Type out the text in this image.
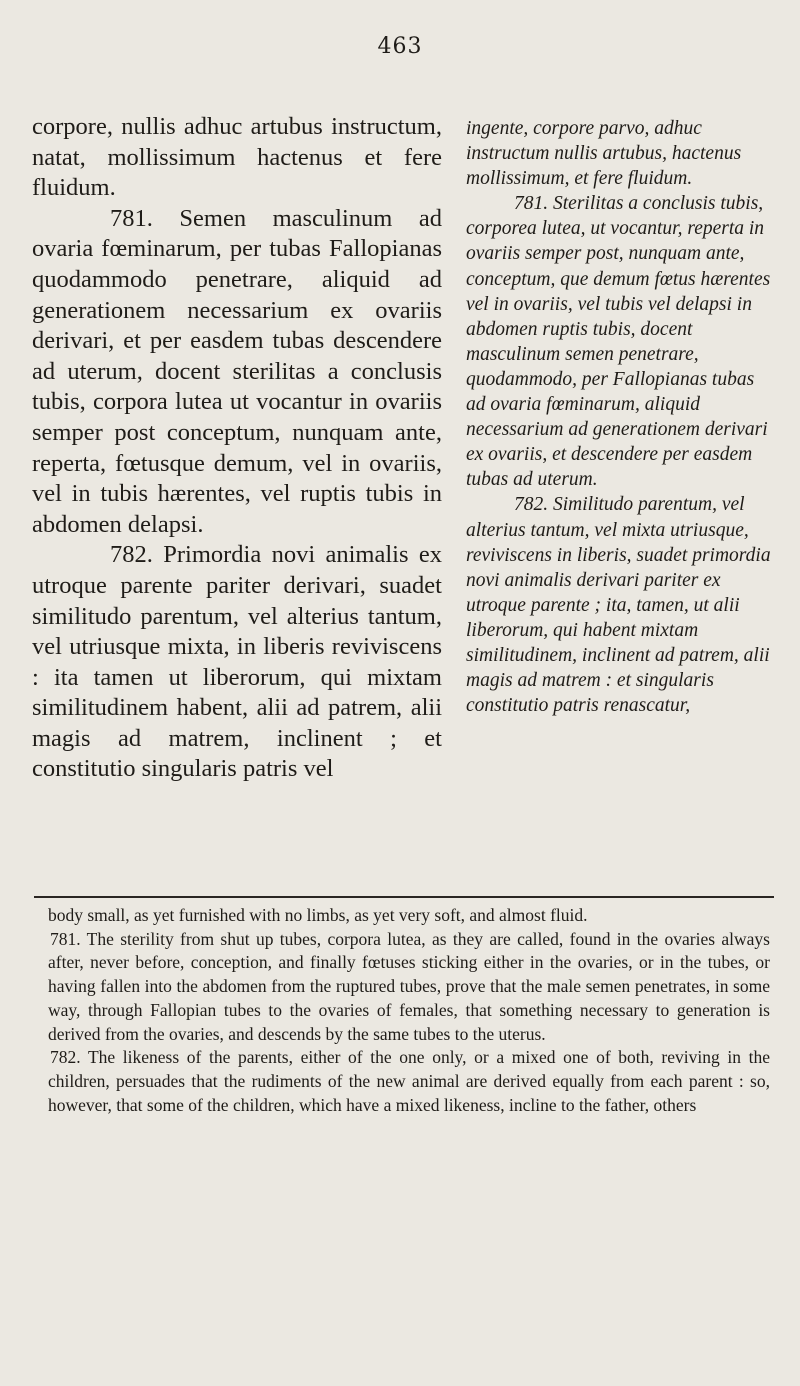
463

corpore, nullis adhuc artubus instructum, natat, mollissimum hactenus et fere fluidum.

781. Semen masculinum ad ovaria fœminarum, per tubas Fallopianas quodammodo penetrare, aliquid ad generationem necessarium ex ovariis derivari, et per easdem tubas descendere ad uterum, docent sterilitas a conclusis tubis, corpora lutea ut vocantur in ovariis semper post conceptum, nunquam ante, reperta, fœtusque demum, vel in ovariis, vel in tubis hærentes, vel ruptis tubis in abdomen delapsi.

782. Primordia novi animalis ex utroque parente pariter derivari, suadet similitudo parentum, vel alterius tantum, vel utriusque mixta, in liberis reviviscens : ita tamen ut liberorum, qui mixtam similitudinem habent, alii ad patrem, alii magis ad matrem, inclinent ; et constitutio singularis patris vel

ingente, corpore parvo, adhuc instructum nullis artubus, hactenus mollissimum, et fere fluidum.

781. Sterilitas a conclusis tubis, corporea lutea, ut vocantur, reperta in ovariis semper post, nunquam ante, conceptum, que demum fœtus hærentes vel in ovariis, vel tubis vel delapsi in abdomen ruptis tubis, docent masculinum semen penetrare, quodammodo, per Fallopianas tubas ad ovaria fœminarum, aliquid necessarium ad generationem derivari ex ovariis, et descendere per easdem tubas ad uterum.

782. Similitudo parentum, vel alterius tantum, vel mixta utriusque, reviviscens in liberis, suadet primordia novi animalis derivari pariter ex utroque parente ; ita, tamen, ut alii liberorum, qui habent mixtam similitudinem, inclinent ad patrem, alii magis ad matrem : et singularis constitutio patris renascatur,

body small, as yet furnished with no limbs, as yet very soft, and almost fluid.

781. The sterility from shut up tubes, corpora lutea, as they are called, found in the ovaries always after, never before, conception, and finally fœtuses sticking either in the ovaries, or in the tubes, or having fallen into the abdomen from the ruptured tubes, prove that the male semen penetrates, in some way, through Fallopian tubes to the ovaries of females, that something necessary to generation is derived from the ovaries, and descends by the same tubes to the uterus.

782. The likeness of the parents, either of the one only, or a mixed one of both, reviving in the children, persuades that the rudiments of the new animal are derived equally from each parent : so, however, that some of the children, which have a mixed likeness, incline to the father, others
